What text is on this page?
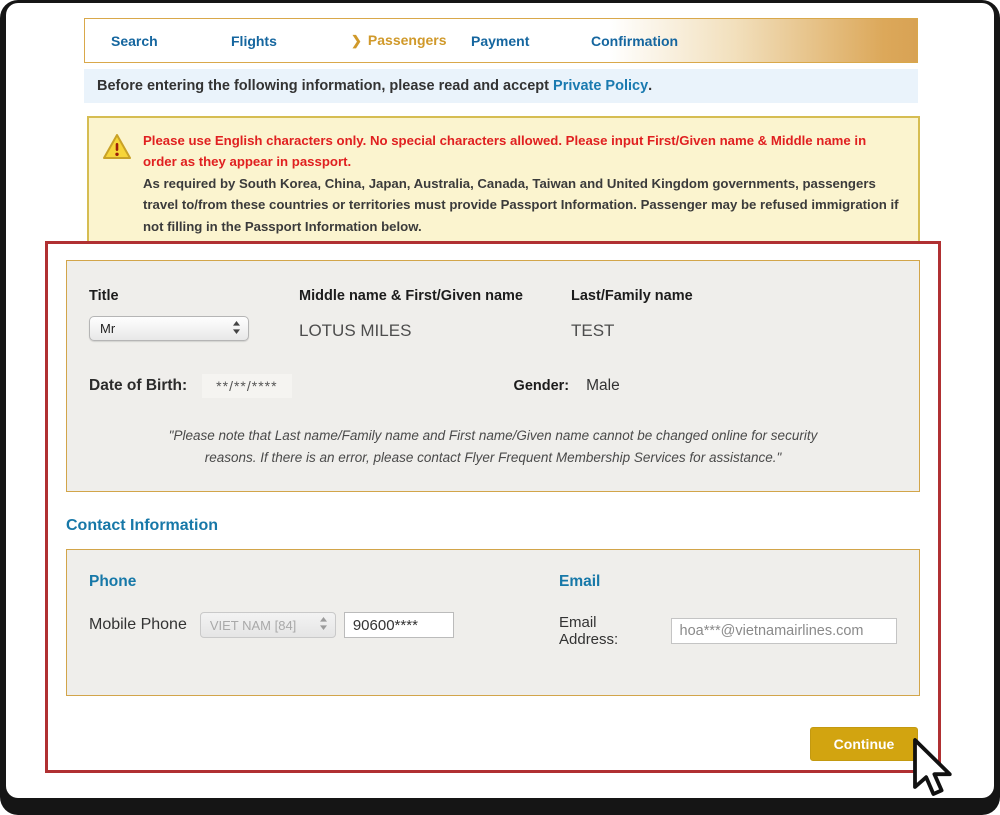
Search	Flights	❯ Passengers	Payment	Confirmation
Before entering the following information, please read and accept Private Policy .
Please use English characters only. No special characters allowed. Please input First/Given name & Middle name in order as they appear in passport.
As required by South Korea, China, Japan, Australia, Canada, Taiwan and United Kingdom governments, passengers travel to/from these countries or territories must provide Passport Information. Passenger may be refused immigration if not filling in the Passport Information below.
Title
Mr
Middle name & First/Given name
LOTUS MILES
Last/Family name
TEST
Date of Birth:	**/**/****	Gender: Male
"Please note that Last name/Family name and First name/Given name cannot be changed online for security reasons. If there is an error, please contact Flyer Frequent Membership Services for assistance."
Contact Information
Phone
Mobile Phone VIET NAM [84]
90600****
Email
Email Address:
hoa***@vietnamairlines.com
Continue
